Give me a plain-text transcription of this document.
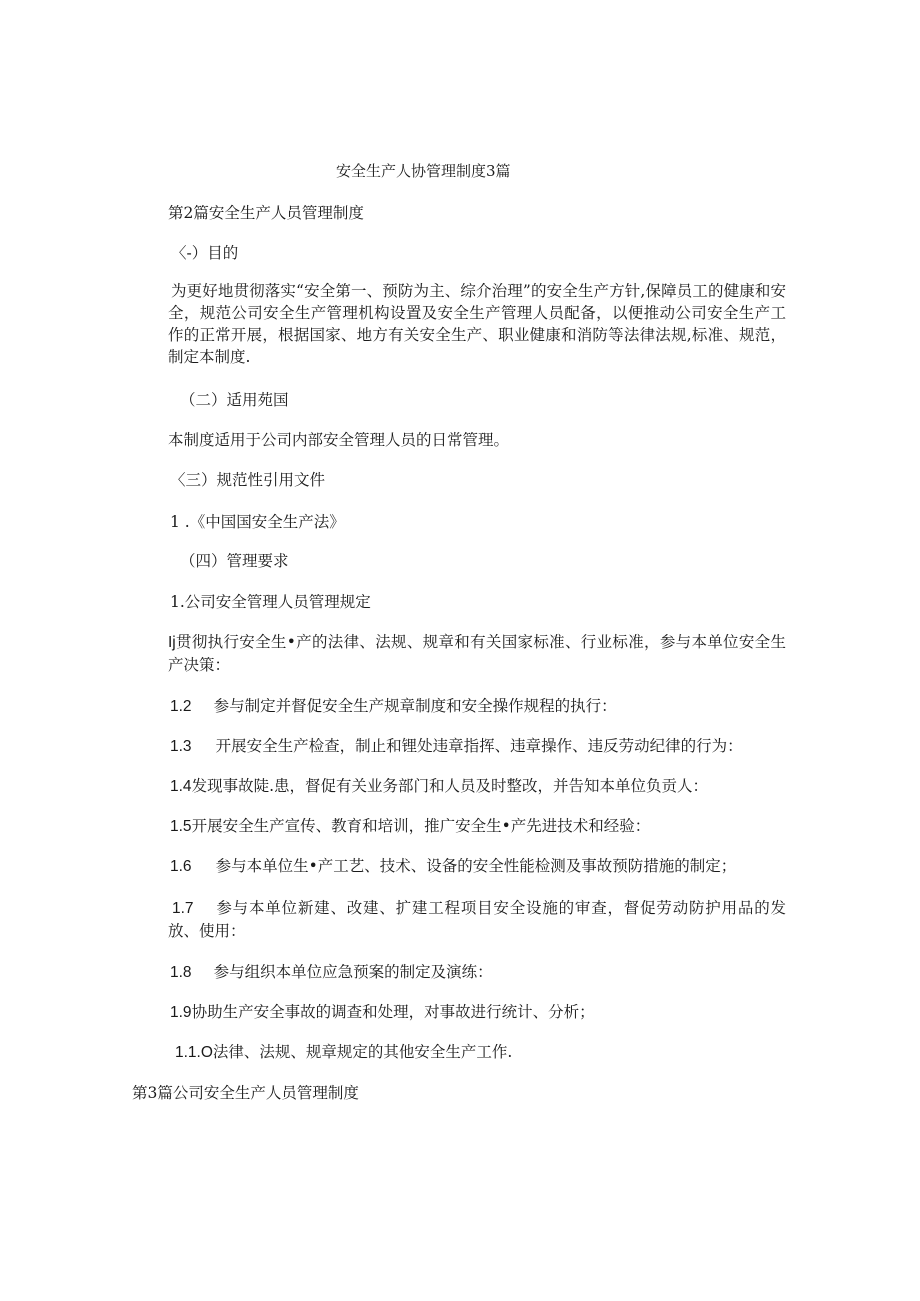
安全生产人协管理制度3篇
第2篇安全生产人员管理制度
〈-）目的
为更好地贯彻落实“安全第一、预防为主、综介治理”的安全生产方针,保障员工的健康和安全，规范公司安全生产管理机构设置及安全生产管理人员配备，以便推动公司安全生产工作的正常开展，根据国家、地方有关安全生产、职业健康和消防等法律法规,标准、规范，制定本制度.
（二）适用苑国
本制度适用于公司内部安全管理人员的日常管理。
〈三）规范性引用文件
1 .《中国国安全生产法》
（四）管理要求
1.公司安全管理人员管理规定
Ij贯彻执行安全生•产的法律、法规、规章和有关国家标准、行业标准，参与本单位安全生产决策：
1.2 参与制定并督促安全生产规章制度和安全操作规程的执行：
1.3 开展安全生产检查，制止和锂处违章指挥、违章操作、违反劳动纪律的行为：
1.4发现事故陡.患，督促有关业务部门和人员及时整改，并告知本单位负贡人：
1.5开展安全生产宣传、教育和培训，推广安全生•产先进技术和经验：
1.6 参与本单位生•产工艺、技术、设备的安全性能检测及事故预防措施的制定；
1.7 参与本单位新建、改建、扩建工程项目安全设施的审查，督促劳动防护用品的发放、使用：
1.8 参与组织本单位应急预案的制定及演练：
1.9协助生产安全事故的调查和处理，对事故进行统计、分析；
1.1.O法律、法规、规章规定的其他安全生产工作.
第3篇公司安全生产人员管理制度
